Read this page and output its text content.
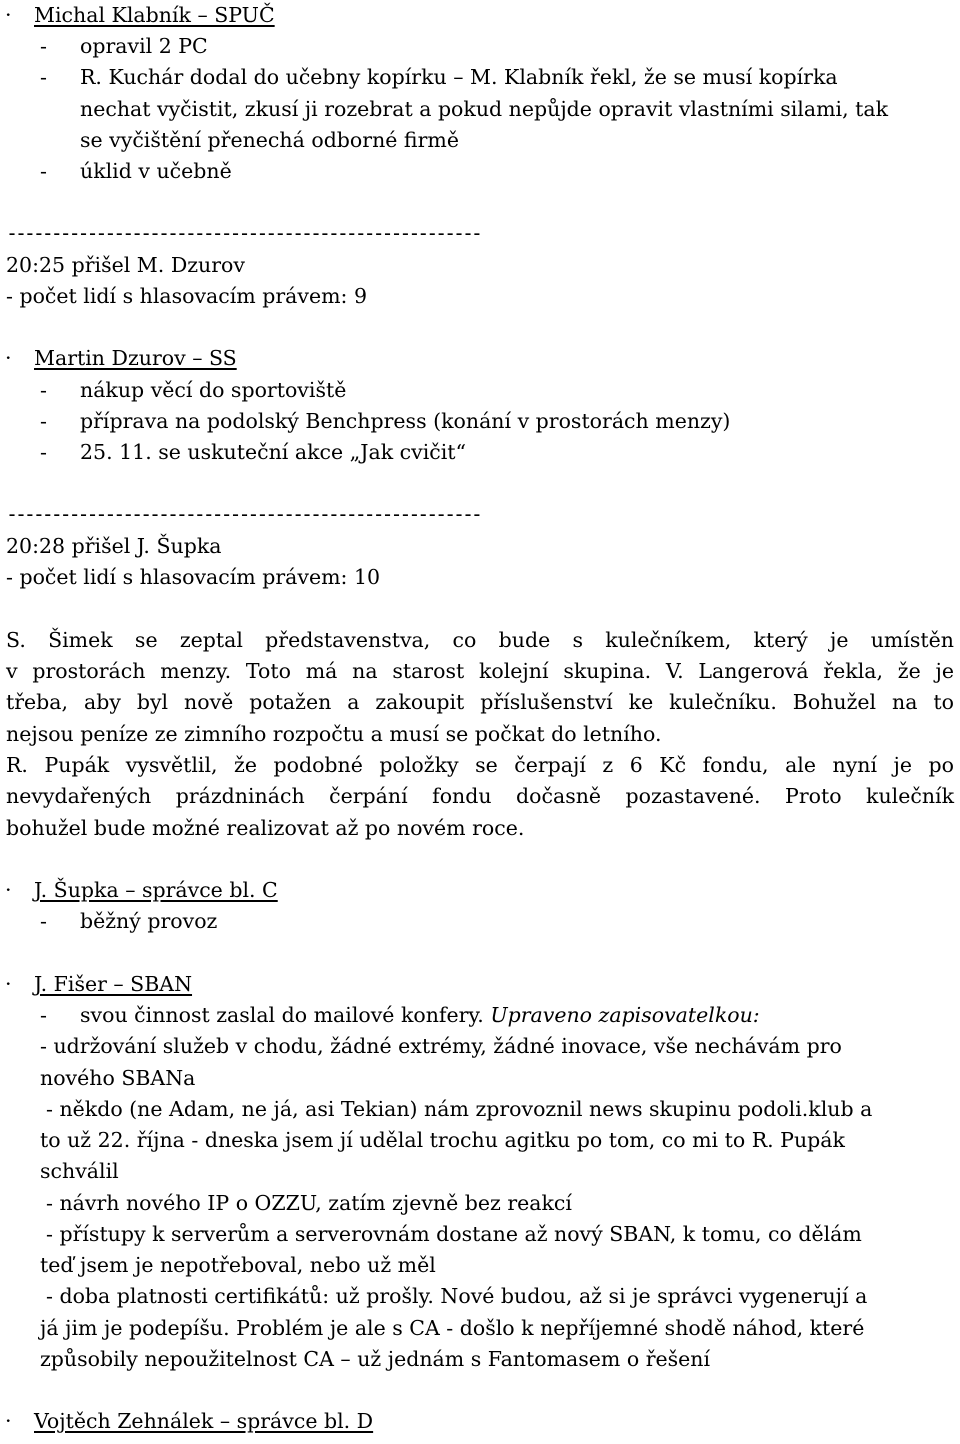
· Michal Klabník – SPUČ
- opravil 2 PC
- R. Kuchár dodal do učebny kopírku – M. Klabník řekl, že se musí kopírka
nechat vyčistit, zkusí ji rozebrat a pokud nepůjde opravit vlastními silami, tak
se vyčištění přenechá odborné firmě
- úklid v učebně
-----------------------------------------------------
20:25 přišel M. Dzurov
- počet lidí s hlasovacím právem: 9
· Martin Dzurov – SS
- nákup věcí do sportoviště
- příprava na podolský Benchpress (konání v prostorách menzy)
- 25. 11. se uskuteční akce „Jak cvičit“
-----------------------------------------------------
20:28 přišel J. Šupka
- počet lidí s hlasovacím právem: 10
S. Šimek se zeptal představenstva, co bude s kulečníkem, který je umístěn
v prostorách menzy. Toto má na starost kolejní skupina. V. Langerová řekla, že je
třeba, aby byl nově potažen a zakoupit příslušenství ke kulečníku. Bohužel na to
nejsou peníze ze zimního rozpočtu a musí se počkat do letního.
R. Pupák vysvětlil, že podobné položky se čerpají z 6 Kč fondu, ale nyní je po
nevydařených prázdninách čerpání fondu dočasně pozastavené. Proto kulečník
bohužel bude možné realizovat až po novém roce.
· J. Šupka – správce bl. C
- běžný provoz
· J. Fišer – SBAN
- svou činnost zaslal do mailové konfery. Upraveno zapisovatelkou:
- udržování služeb v chodu, žádné extrémy, žádné inovace, vše nechávám pro
nového SBANa
- někdo (ne Adam, ne já, asi Tekian) nám zprovoznil news skupinu podoli.klub a
to už 22. října - dneska jsem jí udělal trochu agitku po tom, co mi to R. Pupák
schválil
- návrh nového IP o OZZU, zatím zjevně bez reakcí
- přístupy k serverům a serverovnám dostane až nový SBAN, k tomu, co dělám
teď jsem je nepotřeboval, nebo už měl
- doba platnosti certifikátů: už prošly. Nové budou, až si je správci vygenerují a
já jim je podepíšu. Problém je ale s CA - došlo k nepříjemné shodě náhod, které
způsobily nepoužitelnost CA – už jednám s Fantomasem o řešení
· Vojtěch Zehnálek – správce bl. D
